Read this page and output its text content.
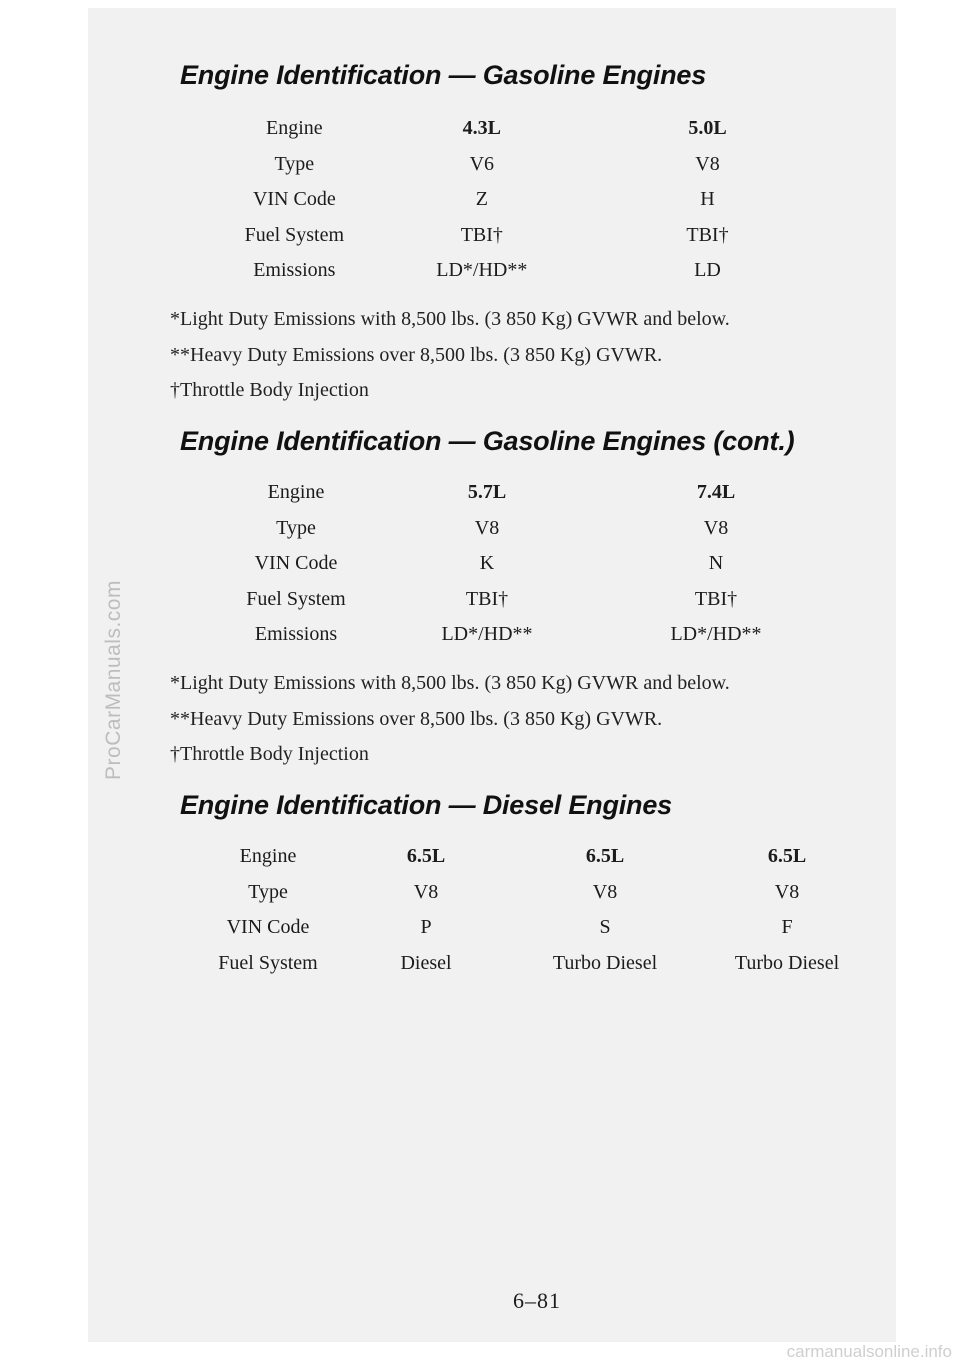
ProCarManuals.com
carmanualsonline.info
Engine Identification — Gasoline Engines
Engine	4.3L	5.0L
Type	V6	V8
VIN Code	Z	H
Fuel System	TBI†	TBI†
Emissions	LD*/HD**	LD
*Light Duty Emissions with 8,500 lbs. (3 850 Kg) GVWR and below.
**Heavy Duty Emissions over 8,500 lbs. (3 850 Kg) GVWR.
†Throttle Body Injection
Engine Identification — Gasoline Engines (cont.)
Engine	5.7L	7.4L
Type	V8	V8
VIN Code	K	N
Fuel System	TBI†	TBI†
Emissions	LD*/HD**	LD*/HD**
*Light Duty Emissions with 8,500 lbs. (3 850 Kg) GVWR and below.
**Heavy Duty Emissions over 8,500 lbs. (3 850 Kg) GVWR.
†Throttle Body Injection
Engine Identification — Diesel Engines
Engine	6.5L	6.5L	6.5L
Type	V8	V8	V8
VIN Code	P	S	F
Fuel System	Diesel	Turbo Diesel	Turbo Diesel
6–81
